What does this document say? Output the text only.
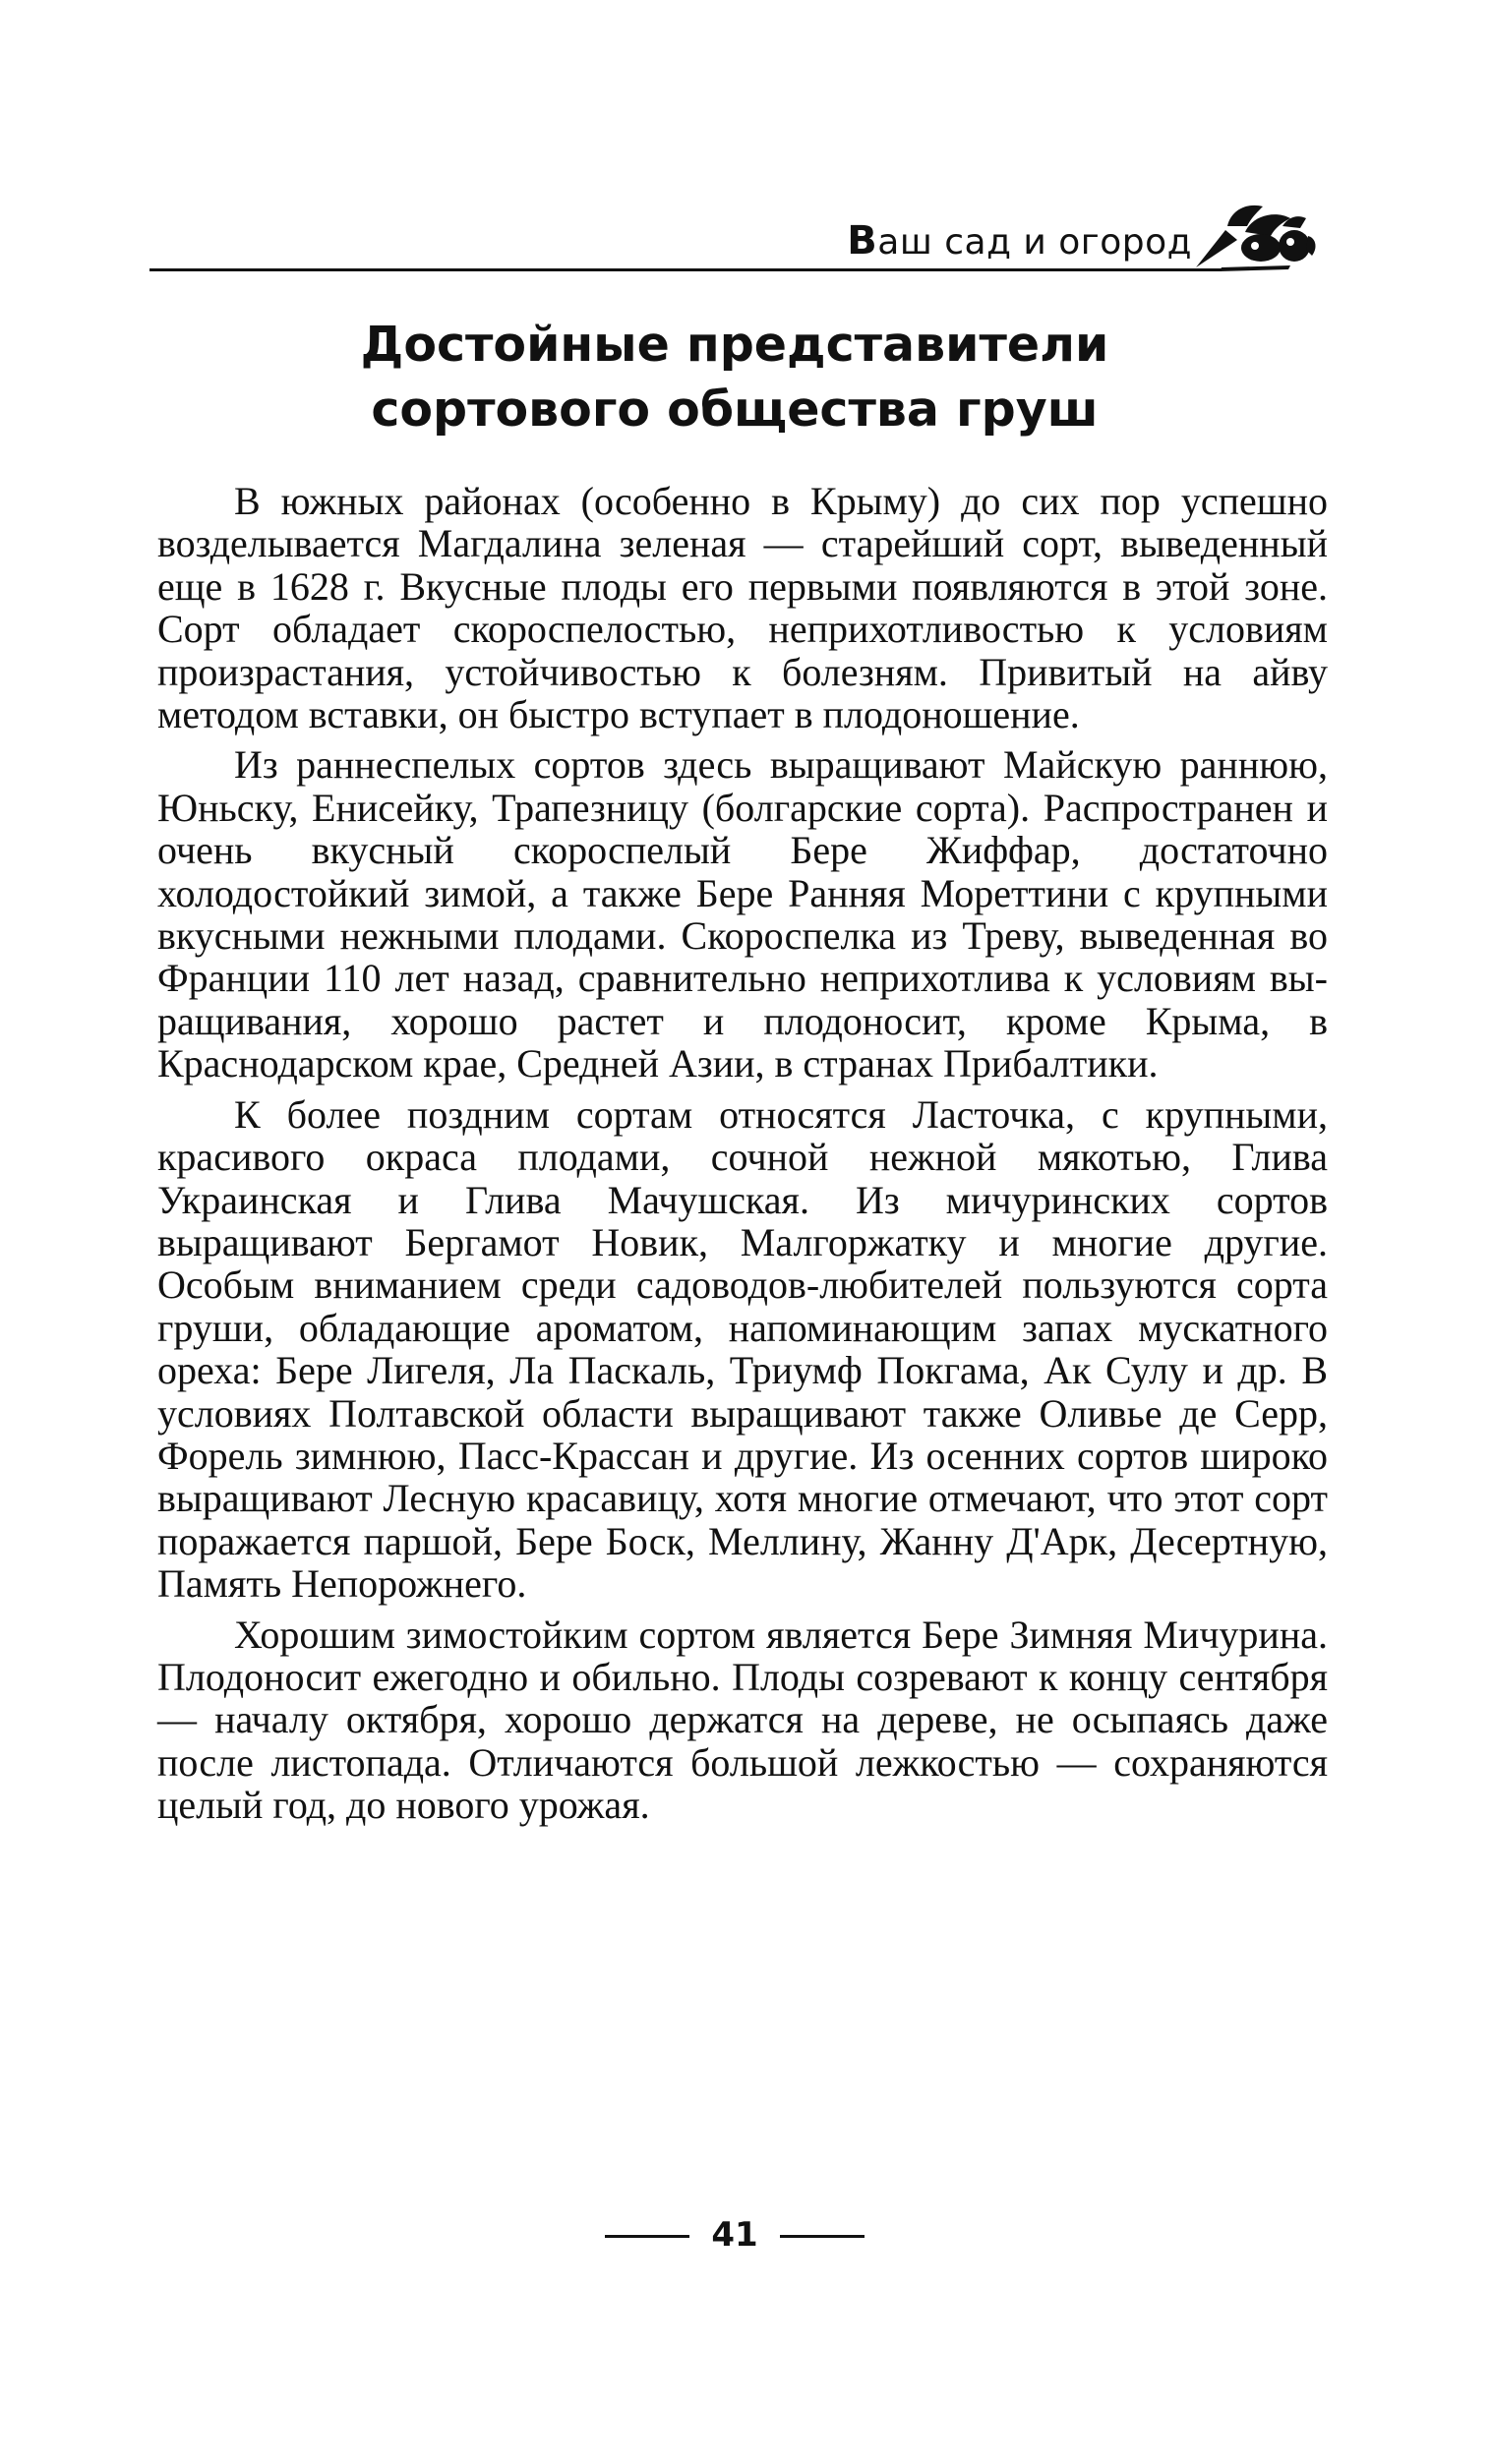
Ваш сад и огород
Достойные представители
сортового общества груш

В южных районах (особенно в Крыму) до сих пор успешно возделывается Магдалина зеленая — старейший сорт, выведенный еще в 1628 г. Вкусные плоды его первыми появляются в этой зоне. Сорт обладает скороспелостью, неприхотливостью к условиям произрастания, устойчивостью к болезням. Привитый на айву методом вставки, он быстро вступает в плодоношение.

Из раннеспелых сортов здесь выращивают Майскую раннюю, Юньску, Енисейку, Трапезницу (болгарские сорта). Распространен и очень вкусный скороспелый Бере Жиффар, достаточно холодостойкий зимой, а также Бере Ранняя Мореттини с крупными вкусными нежными плодами. Скороспелка из Треву, выведенная во Франции 110 лет назад, сравнительно неприхотлива к условиям выращивания, хорошо растет и плодоносит, кроме Крыма, в Краснодарском крае, Средней Азии, в странах Прибалтики.

К более поздним сортам относятся Ласточка, с крупными, красивого окраса плодами, сочной нежной мякотью, Глива Украинская и Глива Мачушская. Из мичуринских сортов выращивают Бергамот Новик, Малгоржатку и многие другие. Особым вниманием среди садоводов-любителей пользуются сорта груши, обладающие ароматом, напоминающим запах мускатного ореха: Бере Лигеля, Ла Паскаль, Триумф Покгама, Ак Сулу и др. В условиях Полтавской области выращивают также Оливье де Серр, Форель зимнюю, Пасс-Крассан и другие. Из осенних сортов широко выращивают Лесную красавицу, хотя многие отмечают, что этот сорт поражается паршой, Бере Боск, Меллину, Жанну Д'Арк, Десертную, Память Непорожнего.

Хорошим зимостойким сортом является Бере Зимняя Мичурина. Плодоносит ежегодно и обильно. Плоды созревают к концу сентября — началу октября, хорошо держатся на дереве, не осыпаясь даже после листопада. Отличаются большой лежкостью — сохраняются целый год, до нового урожая.

41
